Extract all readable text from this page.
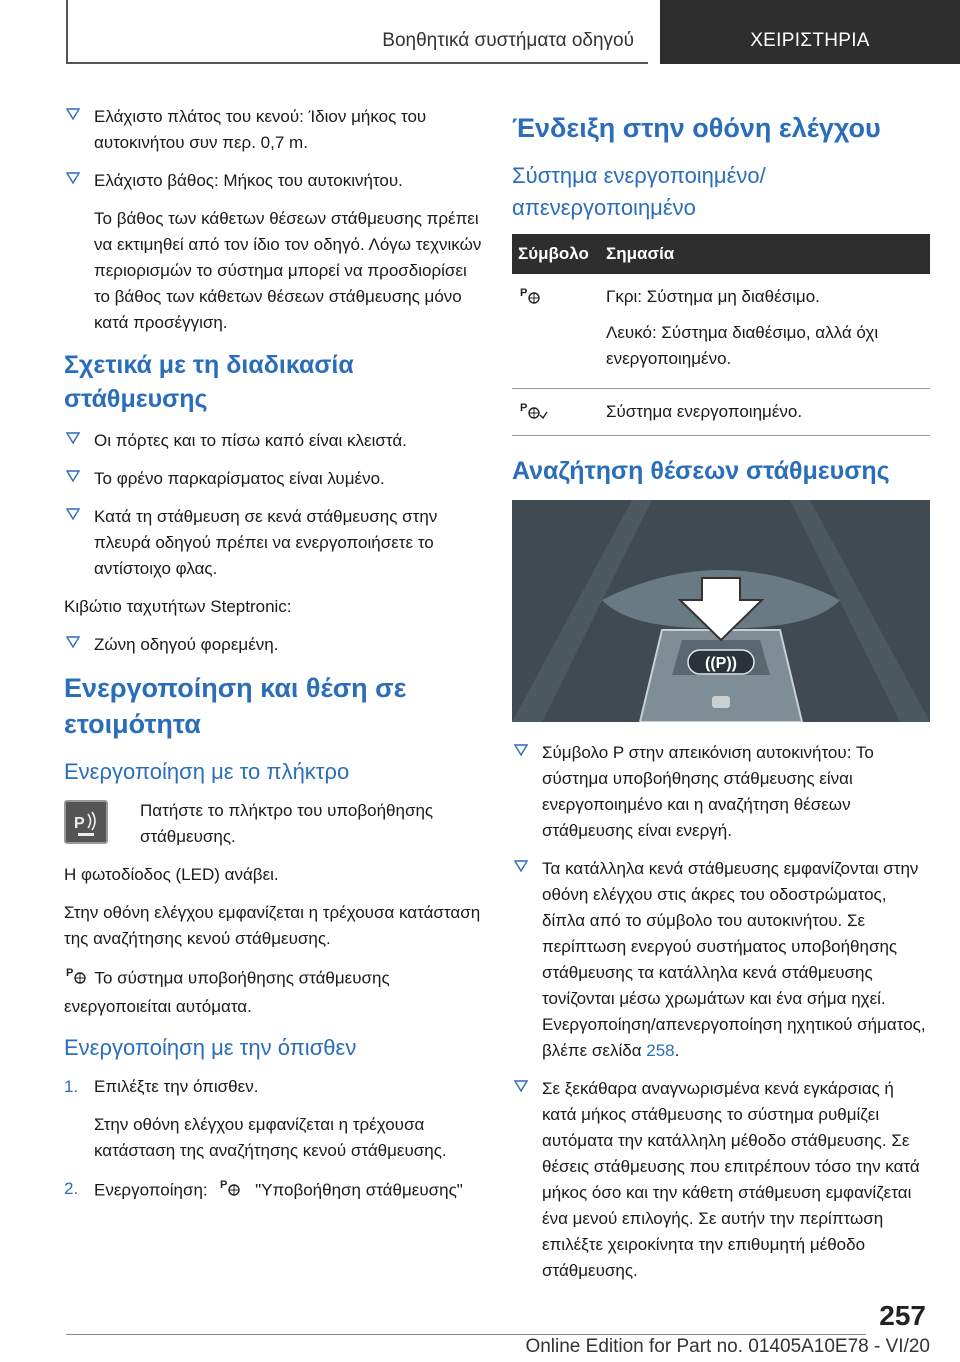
Βοηθητικά συστήματα οδηγού	ΧΕΙΡΙΣΤΗΡΙΑ
Ελάχιστο πλάτος του κενού: Ίδιον μήκος του αυτοκινήτου συν περ. 0,7 m.
Ελάχιστο βάθος: Μήκος του αυτοκινήτου.
Το βάθος των κάθετων θέσεων στάθμευσης πρέπει να εκτιμηθεί από τον ίδιο τον οδηγό. Λόγω τεχνικών περιορισμών το σύστημα μπορεί να προσδιορίσει το βάθος των κάθετων θέσεων στάθμευσης μόνο κατά προσέγγιση.
Σχετικά με τη διαδικασία στάθμευσης
Οι πόρτες και το πίσω καπό είναι κλειστά.
Το φρένο παρκαρίσματος είναι λυμένο.
Κατά τη στάθμευση σε κενά στάθμευσης στην πλευρά οδηγού πρέπει να ενεργοποιήσετε το αντίστοιχο φλας.
Κιβώτιο ταχυτήτων Steptronic:
Ζώνη οδηγού φορεμένη.
Ενεργοποίηση και θέση σε ετοιμότητα
Ενεργοποίηση με το πλήκτρο
P
Πατήστε το πλήκτρο του υποβοήθησης στάθμευσης.
Η φωτοδίοδος (LED) ανάβει.
Στην οθόνη ελέγχου εμφανίζεται η τρέχουσα κατάσταση της αναζήτησης κενού στάθμευσης.
P Το σύστημα υποβοήθησης στάθμευσης ενεργοποιείται αυτόματα.
Ενεργοποίηση με την όπισθεν
1. Επιλέξτε την όπισθεν.
Στην οθόνη ελέγχου εμφανίζεται η τρέχουσα κατάσταση της αναζήτησης κενού στάθμευσης.
2. Ενεργοποίηση: P "Υποβοήθηση στάθμευσης"
Ένδειξη στην οθόνη ελέγχου
Σύστημα ενεργοποιημένο/ απενεργοποιημένο
Σύμβολο	Σημασία

P	Γκρι: Σύστημα μη διαθέσιμο.

Λευκό: Σύστημα διαθέσιμο, αλλά όχι ενεργοποιημένο.

P	Σύστημα ενεργοποιημένο.
Αναζήτηση θέσεων στάθμευσης
((P))
Σύμβολο P στην απεικόνιση αυτοκινήτου: Το σύστημα υποβοήθησης στάθμευσης είναι ενεργοποιημένο και η αναζήτηση θέσεων στάθμευσης είναι ενεργή.
Τα κατάλληλα κενά στάθμευσης εμφανίζονται στην οθόνη ελέγχου στις άκρες του οδοστρώματος, δίπλα από το σύμβολο του αυτοκινήτου. Σε περίπτωση ενεργού συστήματος υποβοήθησης στάθμευσης τα κατάλληλα κενά στάθμευσης τονίζονται μέσω χρωμάτων και ένα σήμα ηχεί. Ενεργοποίηση/απενεργοποίηση ηχητικού σήματος, βλέπε σελίδα 258.
Σε ξεκάθαρα αναγνωρισμένα κενά εγκάρσιας ή κατά μήκος στάθμευσης το σύστημα ρυθμίζει αυτόματα την κατάλληλη μέθοδο στάθμευσης. Σε θέσεις στάθμευσης που επιτρέπουν τόσο την κατά μήκος όσο και την κάθετη στάθμευση εμφανίζεται ένα μενού επιλογής. Σε αυτήν την περίπτωση επιλέξτε χειροκίνητα την επιθυμητή μέθοδο στάθμευσης.
257
Online Edition for Part no. 01405A10E78 - VI/20
